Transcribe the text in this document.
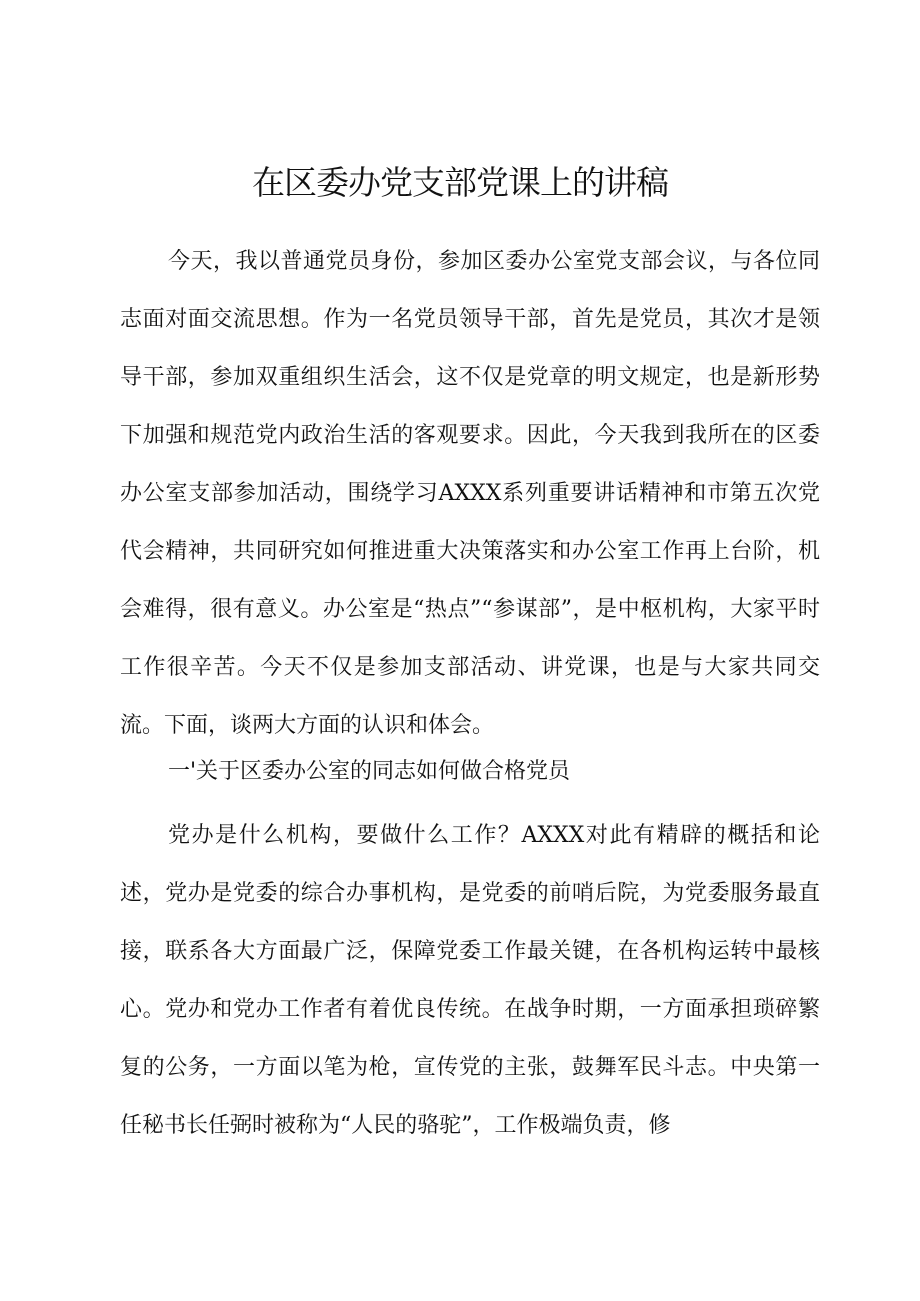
在区委办党支部党课上的讲稿

今天，我以普通党员身份，参加区委办公室党支部会议，与各位同志面对面交流思想。作为一名党员领导干部，首先是党员，其次才是领导干部，参加双重组织生活会，这不仅是党章的明文规定，也是新形势下加强和规范党内政治生活的客观要求。因此，今天我到我所在的区委办公室支部参加活动，围绕学习AXXX系列重要讲话精神和市第五次党代会精神，共同研究如何推进重大决策落实和办公室工作再上台阶，机会难得，很有意义。办公室是“热点”“参谋部”，是中枢机构，大家平时工作很辛苦。今天不仅是参加支部活动、讲党课，也是与大家共同交流。下面，谈两大方面的认识和体会。

一'关于区委办公室的同志如何做合格党员

党办是什么机构，要做什么工作？AXXX对此有精辟的概括和论述，党办是党委的综合办事机构，是党委的前哨后院，为党委服务最直接，联系各大方面最广泛，保障党委工作最关键，在各机构运转中最核心。党办和党办工作者有着优良传统。在战争时期，一方面承担琐碎繁复的公务，一方面以笔为枪，宣传党的主张，鼓舞军民斗志。中央第一任秘书长任弼时被称为“人民的骆驼”，工作极端负责，修
